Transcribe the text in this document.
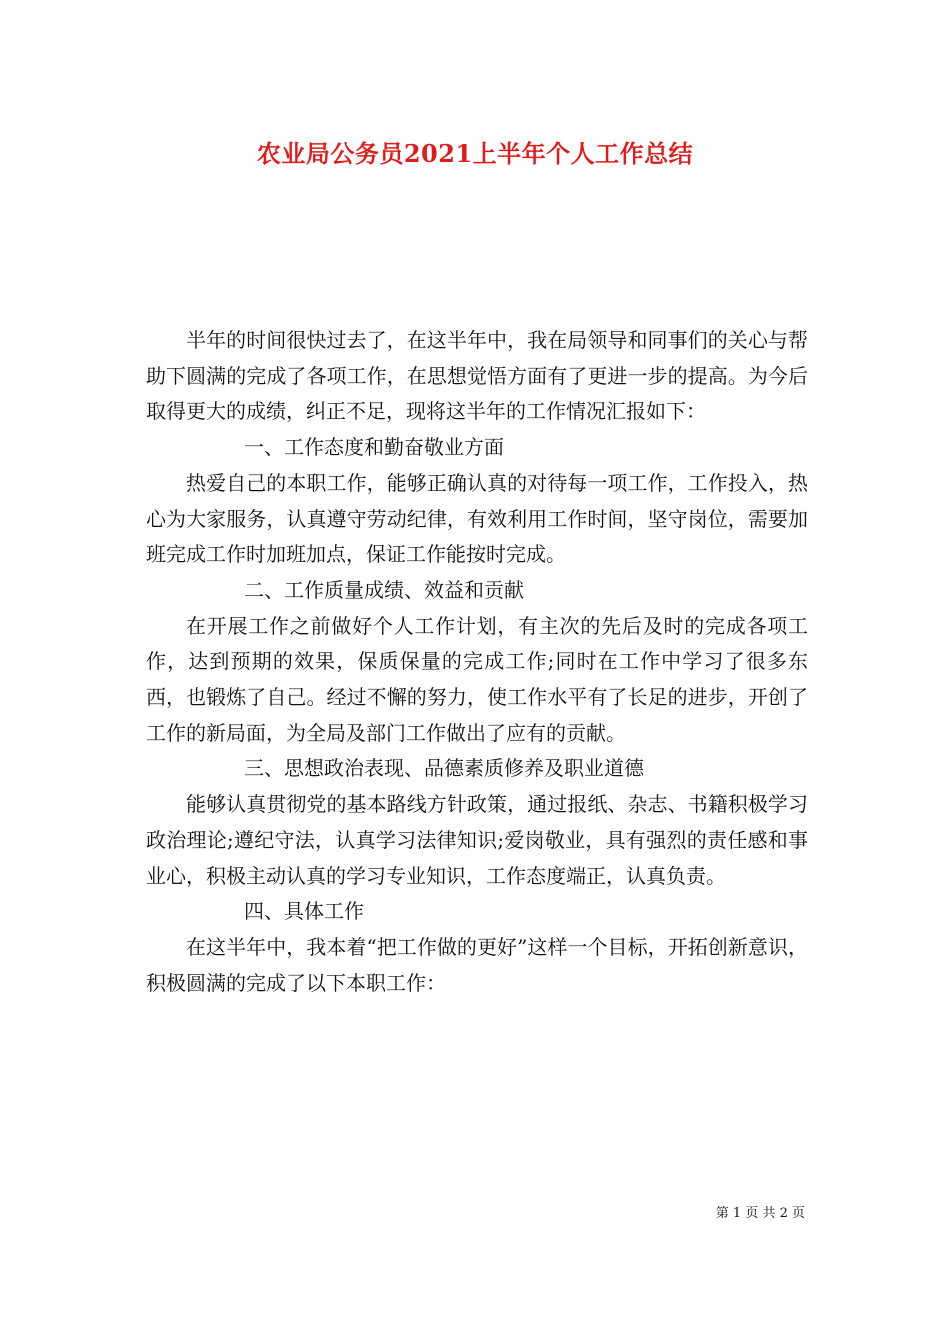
农业局公务员2021上半年个人工作总结

半年的时间很快过去了，在这半年中，我在局领导和同事们的关心与帮助下圆满的完成了各项工作，在思想觉悟方面有了更进一步的提高。为今后取得更大的成绩，纠正不足，现将这半年的工作情况汇报如下：

一、工作态度和勤奋敬业方面

热爱自己的本职工作，能够正确认真的对待每一项工作，工作投入，热心为大家服务，认真遵守劳动纪律，有效利用工作时间，坚守岗位，需要加班完成工作时加班加点，保证工作能按时完成。

二、工作质量成绩、效益和贡献

在开展工作之前做好个人工作计划，有主次的先后及时的完成各项工作，达到预期的效果，保质保量的完成工作;同时在工作中学习了很多东西，也锻炼了自己。经过不懈的努力，使工作水平有了长足的进步，开创了工作的新局面，为全局及部门工作做出了应有的贡献。

三、思想政治表现、品德素质修养及职业道德

能够认真贯彻党的基本路线方针政策，通过报纸、杂志、书籍积极学习政治理论;遵纪守法，认真学习法律知识;爱岗敬业，具有强烈的责任感和事业心，积极主动认真的学习专业知识，工作态度端正，认真负责。

四、具体工作

在这半年中，我本着“把工作做的更好”这样一个目标，开拓创新意识，积极圆满的完成了以下本职工作：

第 1 页 共 2 页
